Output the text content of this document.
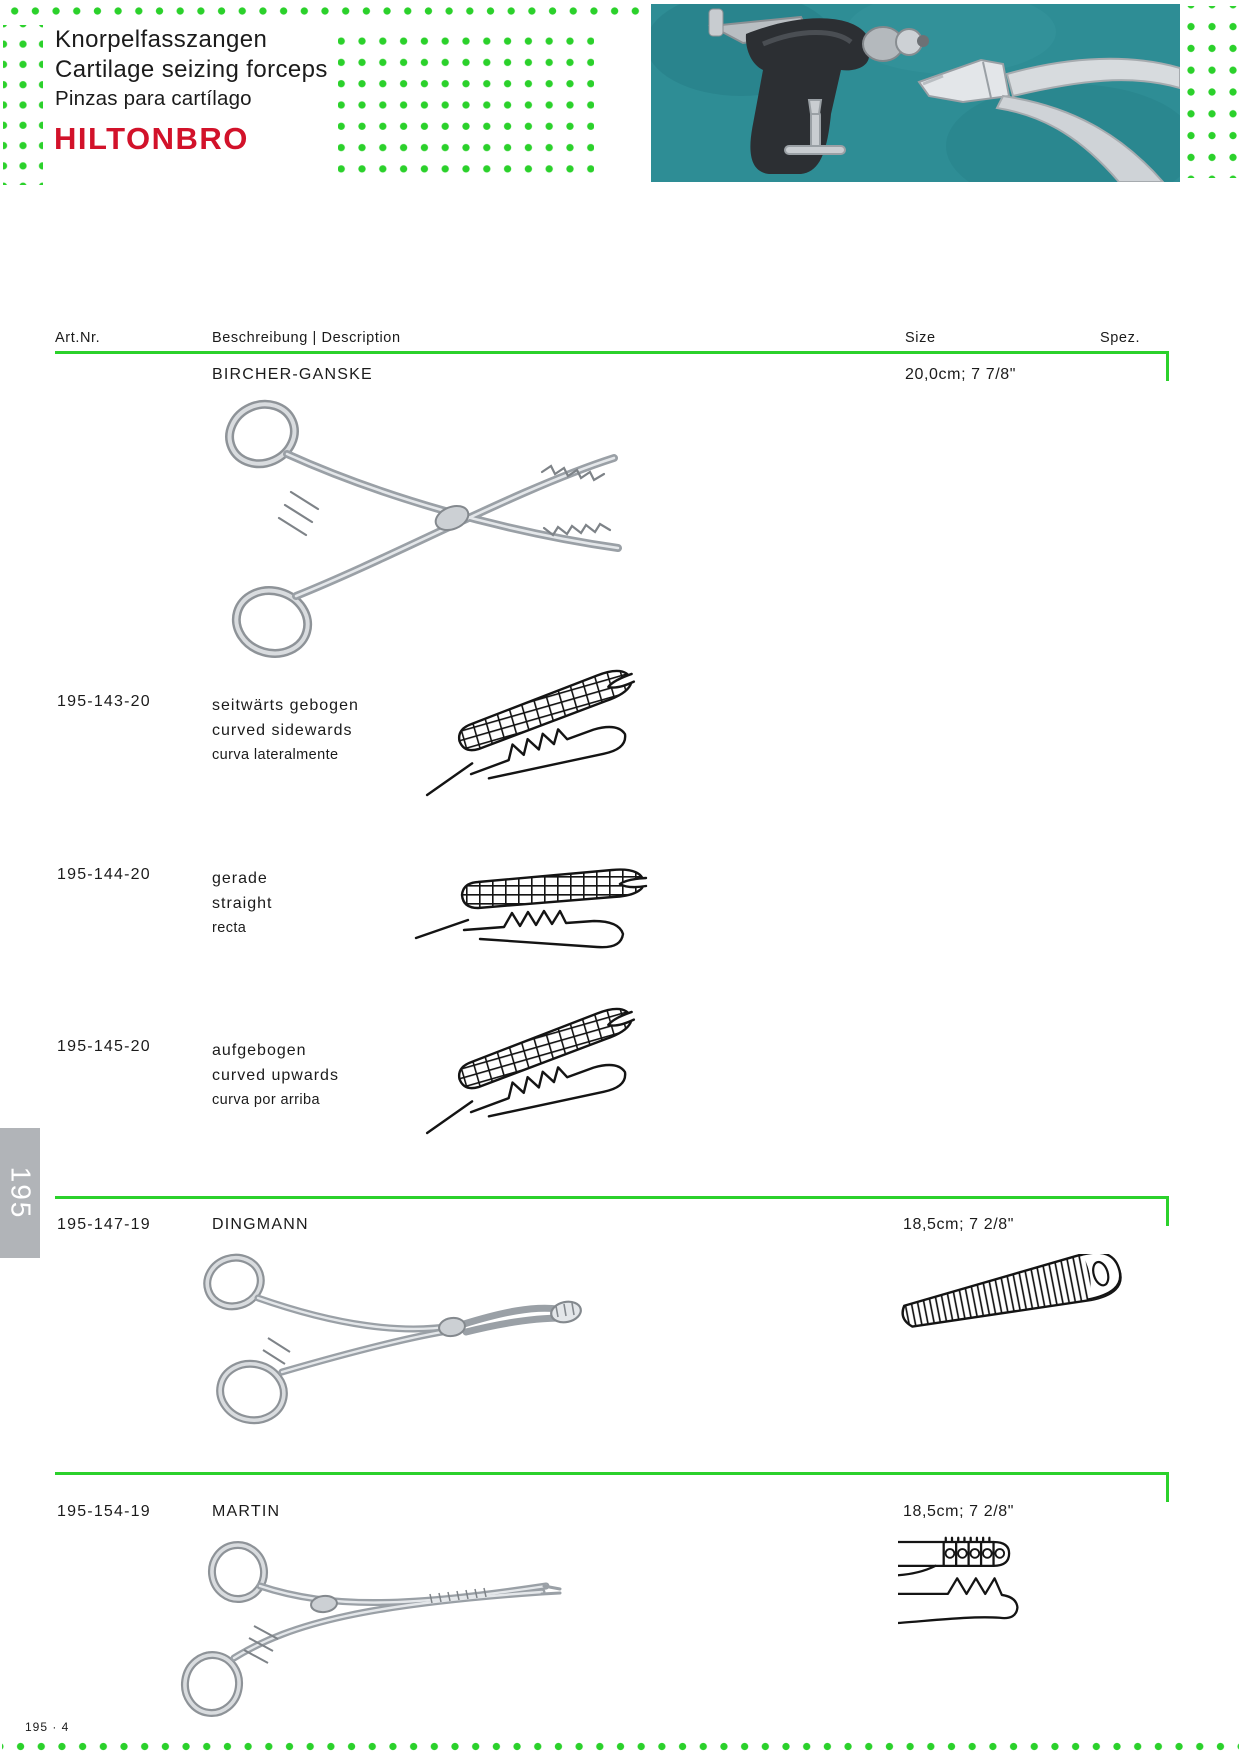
Knorpelfasszangen
Cartilage seizing forceps
Pinzas para cartílago
HILTONBRO
Art.Nr.	Beschreibung | Description	Size	Spez.
BIRCHER-GANSKE	20,0cm; 7 7/8"
195-143-20	seitwärts gebogen
curved sidewards
curva lateralmente
195-144-20	gerade
straight
recta
195-145-20	aufgebogen
curved upwards
curva por arriba
195
195-147-19	DINGMANN	18,5cm; 7 2/8"
195-154-19	MARTIN	18,5cm; 7 2/8"
195 · 4
